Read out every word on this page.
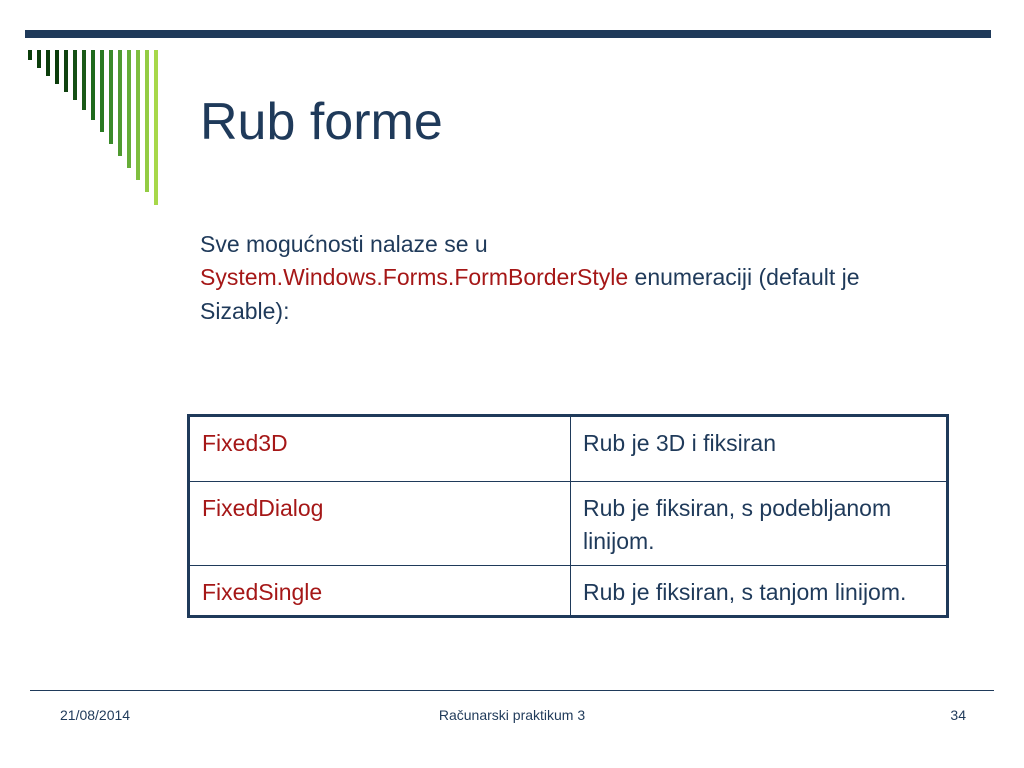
Rub forme

Sve mogućnosti nalaze se u

System.Windows.Forms.FormBorderStyle enumeraciji (default je Sizable):

Fixed3D	Rub je 3D i fiksiran
FixedDialog	Rub je fiksiran, s podebljanom linijom.
FixedSingle	Rub je fiksiran, s tanjom linijom.
21/08/2014	Računarski praktikum 3	34
